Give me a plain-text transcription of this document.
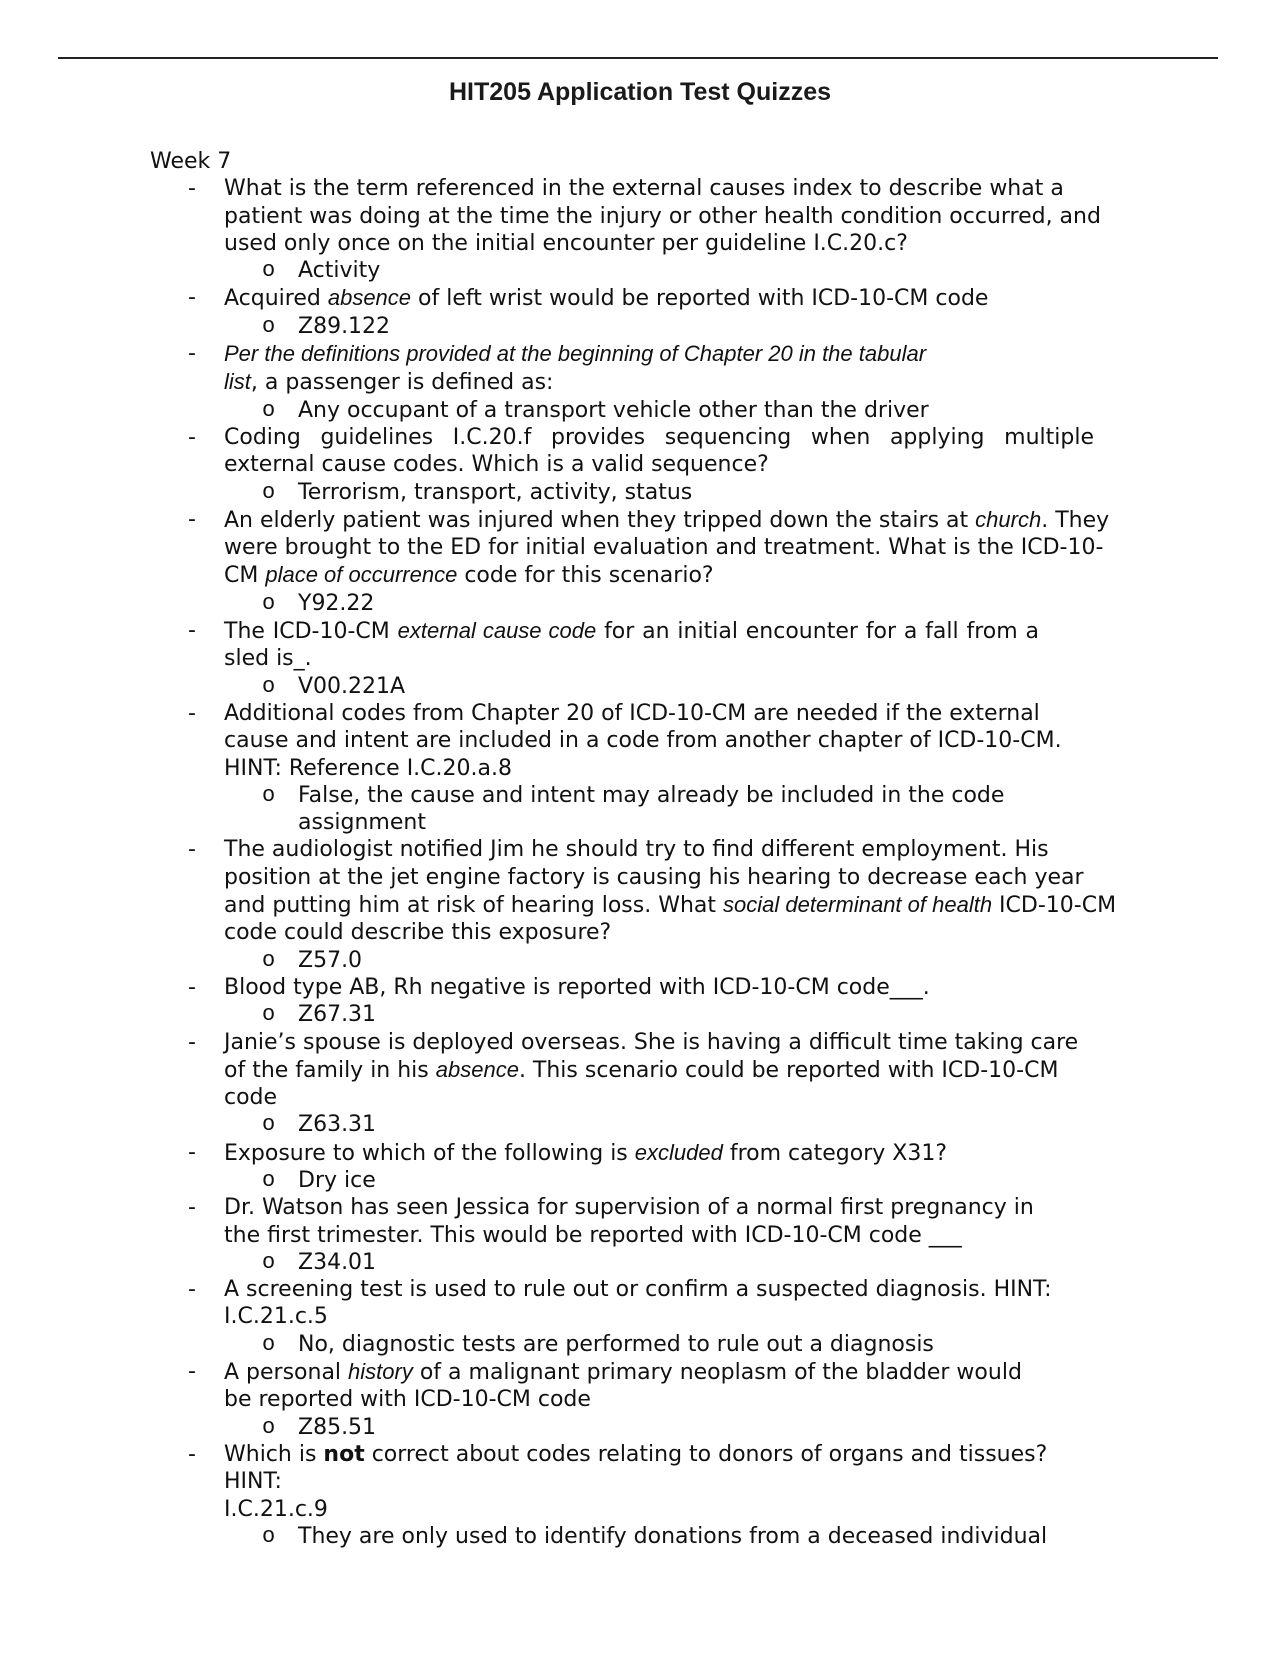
HIT205 Application Test Quizzes
Week 7
- What is the term referenced in the external causes index to describe what a patient was doing at the time the injury or other health condition occurred, and used only once on the initial encounter per guideline I.C.20.c?
o Activity
- Acquired absence of left wrist would be reported with ICD-10-CM code
o Z89.122
- Per the definitions provided at the beginning of Chapter 20 in the tabular list, a passenger is defined as:
o Any occupant of a transport vehicle other than the driver
- Coding guidelines I.C.20.f provides sequencing when applying multiple external cause codes. Which is a valid sequence?
o Terrorism, transport, activity, status
- An elderly patient was injured when they tripped down the stairs at church. They were brought to the ED for initial evaluation and treatment. What is the ICD-10-CM place of occurrence code for this scenario?
o Y92.22
- The ICD-10-CM external cause code for an initial encounter for a fall from a sled is_.
o V00.221A
- Additional codes from Chapter 20 of ICD-10-CM are needed if the external cause and intent are included in a code from another chapter of ICD-10-CM. HINT: Reference I.C.20.a.8
o False, the cause and intent may already be included in the code assignment
- The audiologist notified Jim he should try to find different employment. His position at the jet engine factory is causing his hearing to decrease each year and putting him at risk of hearing loss. What social determinant of health ICD-10-CM code could describe this exposure?
o Z57.0
- Blood type AB, Rh negative is reported with ICD-10-CM code___.
o Z67.31
- Janie’s spouse is deployed overseas. She is having a difficult time taking care of the family in his absence. This scenario could be reported with ICD-10-CM code
o Z63.31
- Exposure to which of the following is excluded from category X31?
o Dry ice
- Dr. Watson has seen Jessica for supervision of a normal first pregnancy in the first trimester. This would be reported with ICD-10-CM code ___
o Z34.01
- A screening test is used to rule out or confirm a suspected diagnosis. HINT: I.C.21.c.5
o No, diagnostic tests are performed to rule out a diagnosis
- A personal history of a malignant primary neoplasm of the bladder would be reported with ICD-10-CM code
o Z85.51
- Which is not correct about codes relating to donors of organs and tissues? HINT:
I.C.21.c.9
o They are only used to identify donations from a deceased individual
